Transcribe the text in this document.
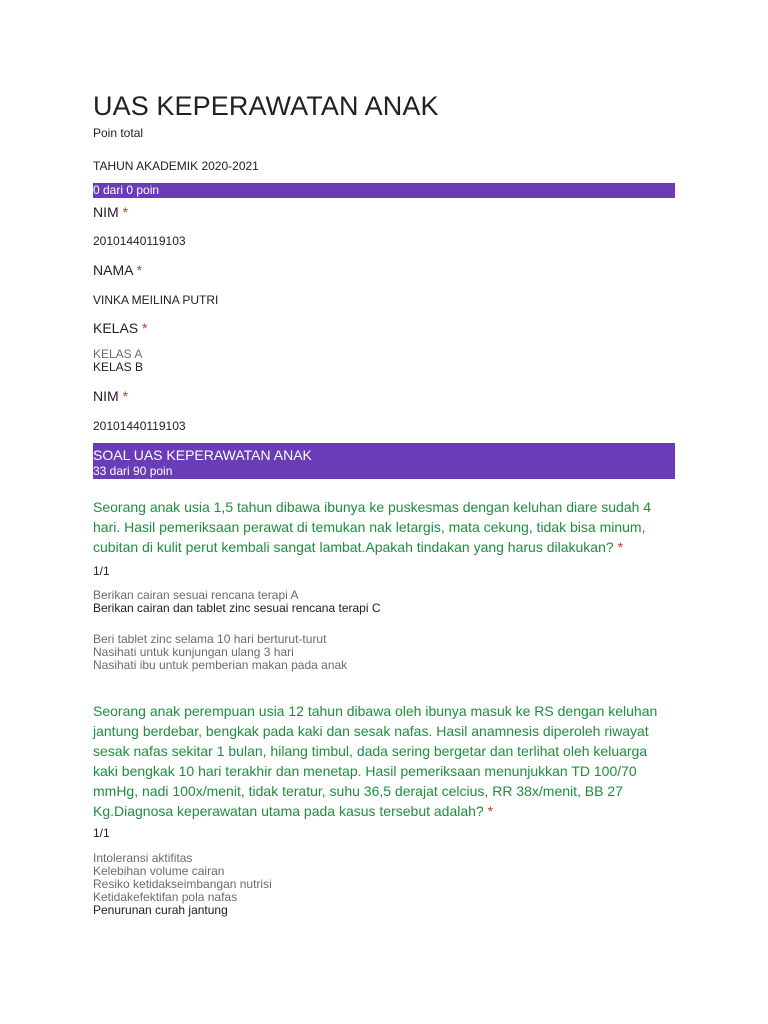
UAS KEPERAWATAN ANAK
Poin total
TAHUN AKADEMIK 2020-2021
0 dari 0 poin
NIM *
20101440119103
NAMA *
VINKA MEILINA PUTRI
KELAS *
KELAS A
KELAS B
NIM *
20101440119103
SOAL UAS KEPERAWATAN ANAK
33 dari 90 poin
Seorang anak usia 1,5 tahun dibawa ibunya ke puskesmas dengan keluhan diare sudah 4
hari. Hasil pemeriksaan perawat di temukan nak letargis, mata cekung, tidak bisa minum,
cubitan di kulit perut kembali sangat lambat.Apakah tindakan yang harus dilakukan? *
1/1
Berikan cairan sesuai rencana terapi A
Berikan cairan dan tablet zinc sesuai rencana terapi C
Beri tablet zinc selama 10 hari berturut-turut
Nasihati untuk kunjungan ulang 3 hari
Nasihati ibu untuk pemberian makan pada anak
Seorang anak perempuan usia 12 tahun dibawa oleh ibunya masuk ke RS dengan keluhan
jantung berdebar, bengkak pada kaki dan sesak nafas. Hasil anamnesis diperoleh riwayat
sesak nafas sekitar 1 bulan, hilang timbul, dada sering bergetar dan terlihat oleh keluarga
kaki bengkak 10 hari terakhir dan menetap. Hasil pemeriksaan menunjukkan TD 100/70
mmHg, nadi 100x/menit, tidak teratur, suhu 36,5 derajat celcius, RR 38x/menit, BB 27
Kg.Diagnosa keperawatan utama pada kasus tersebut adalah? *
1/1
Intoleransi aktifitas
Kelebihan volume cairan
Resiko ketidakseimbangan nutrisi
Ketidakefektifan pola nafas
Penurunan curah jantung
